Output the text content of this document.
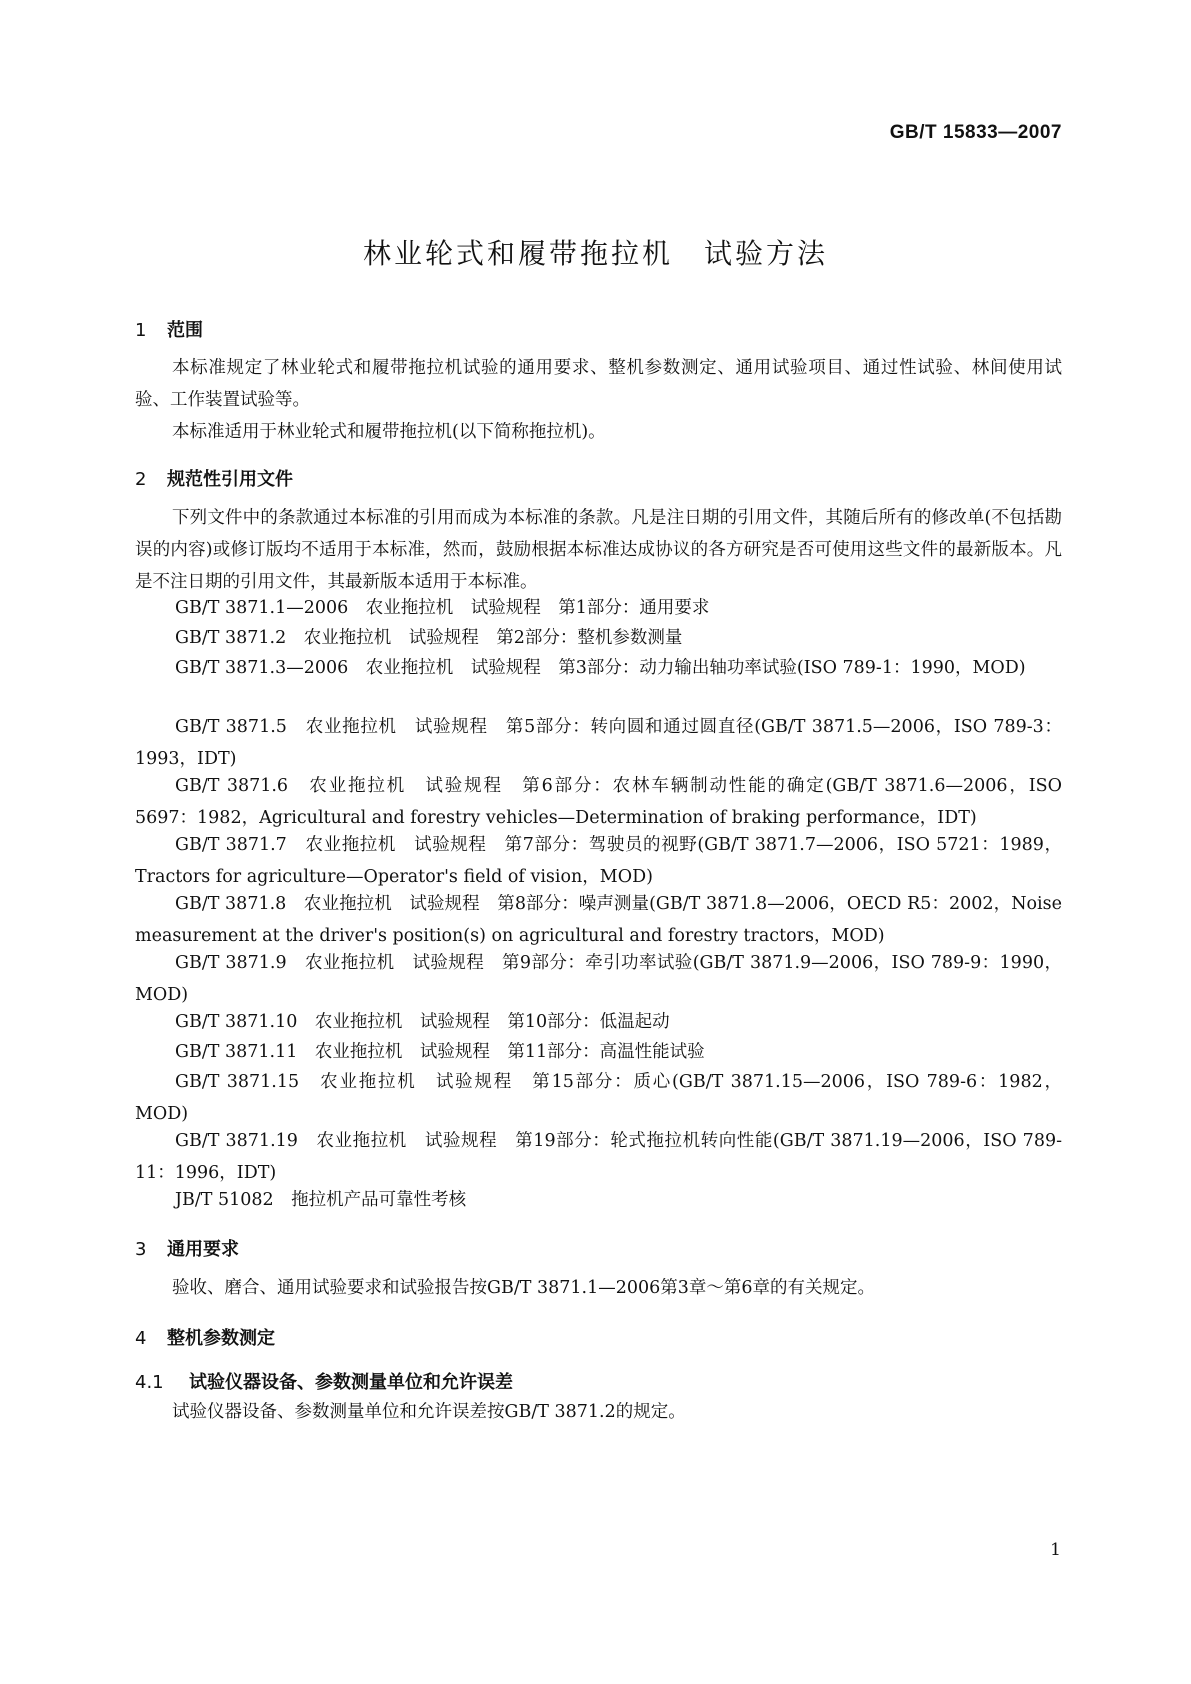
GB/T 15833—2007
林业轮式和履带拖拉机　试验方法
1 范围

本标准规定了林业轮式和履带拖拉机试验的通用要求、整机参数测定、通用试验项目、通过性试验、林间使用试验、工作装置试验等。

本标准适用于林业轮式和履带拖拉机(以下简称拖拉机)。

2 规范性引用文件

下列文件中的条款通过本标准的引用而成为本标准的条款。凡是注日期的引用文件，其随后所有的修改单(不包括勘误的内容)或修订版均不适用于本标准，然而，鼓励根据本标准达成协议的各方研究是否可使用这些文件的最新版本。凡是不注日期的引用文件，其最新版本适用于本标准。

GB/T 3871.1—2006　农业拖拉机　试验规程　第1部分：通用要求

GB/T 3871.2　农业拖拉机　试验规程　第2部分：整机参数测量

GB/T 3871.3—2006　农业拖拉机　试验规程　第3部分：动力输出轴功率试验(ISO 789-1：1990，MOD)

GB/T 3871.5　农业拖拉机　试验规程　第5部分：转向圆和通过圆直径(GB/T 3871.5—2006，ISO 789-3：1993，IDT)

GB/T 3871.6　农业拖拉机　试验规程　第6部分：农林车辆制动性能的确定(GB/T 3871.6—2006，ISO 5697：1982，Agricultural and forestry vehicles—Determination of braking performance，IDT)

GB/T 3871.7　农业拖拉机　试验规程　第7部分：驾驶员的视野(GB/T 3871.7—2006，ISO 5721：1989，Tractors for agriculture—Operator's field of vision，MOD)

GB/T 3871.8　农业拖拉机　试验规程　第8部分：噪声测量(GB/T 3871.8—2006，OECD R5：2002，Noise measurement at the driver's position(s) on agricultural and forestry tractors，MOD)

GB/T 3871.9　农业拖拉机　试验规程　第9部分：牵引功率试验(GB/T 3871.9—2006，ISO 789-9：1990，MOD)

GB/T 3871.10　农业拖拉机　试验规程　第10部分：低温起动

GB/T 3871.11　农业拖拉机　试验规程　第11部分：高温性能试验

GB/T 3871.15　农业拖拉机　试验规程　第15部分：质心(GB/T 3871.15—2006，ISO 789-6：1982，MOD)

GB/T 3871.19　农业拖拉机　试验规程　第19部分：轮式拖拉机转向性能(GB/T 3871.19—2006，ISO 789-11：1996，IDT)

JB/T 51082　拖拉机产品可靠性考核

3 通用要求

验收、磨合、通用试验要求和试验报告按GB/T 3871.1—2006第3章～第6章的有关规定。

4 整机参数测定
4.1 试验仪器设备、参数测量单位和允许误差

试验仪器设备、参数测量单位和允许误差按GB/T 3871.2的规定。

1
